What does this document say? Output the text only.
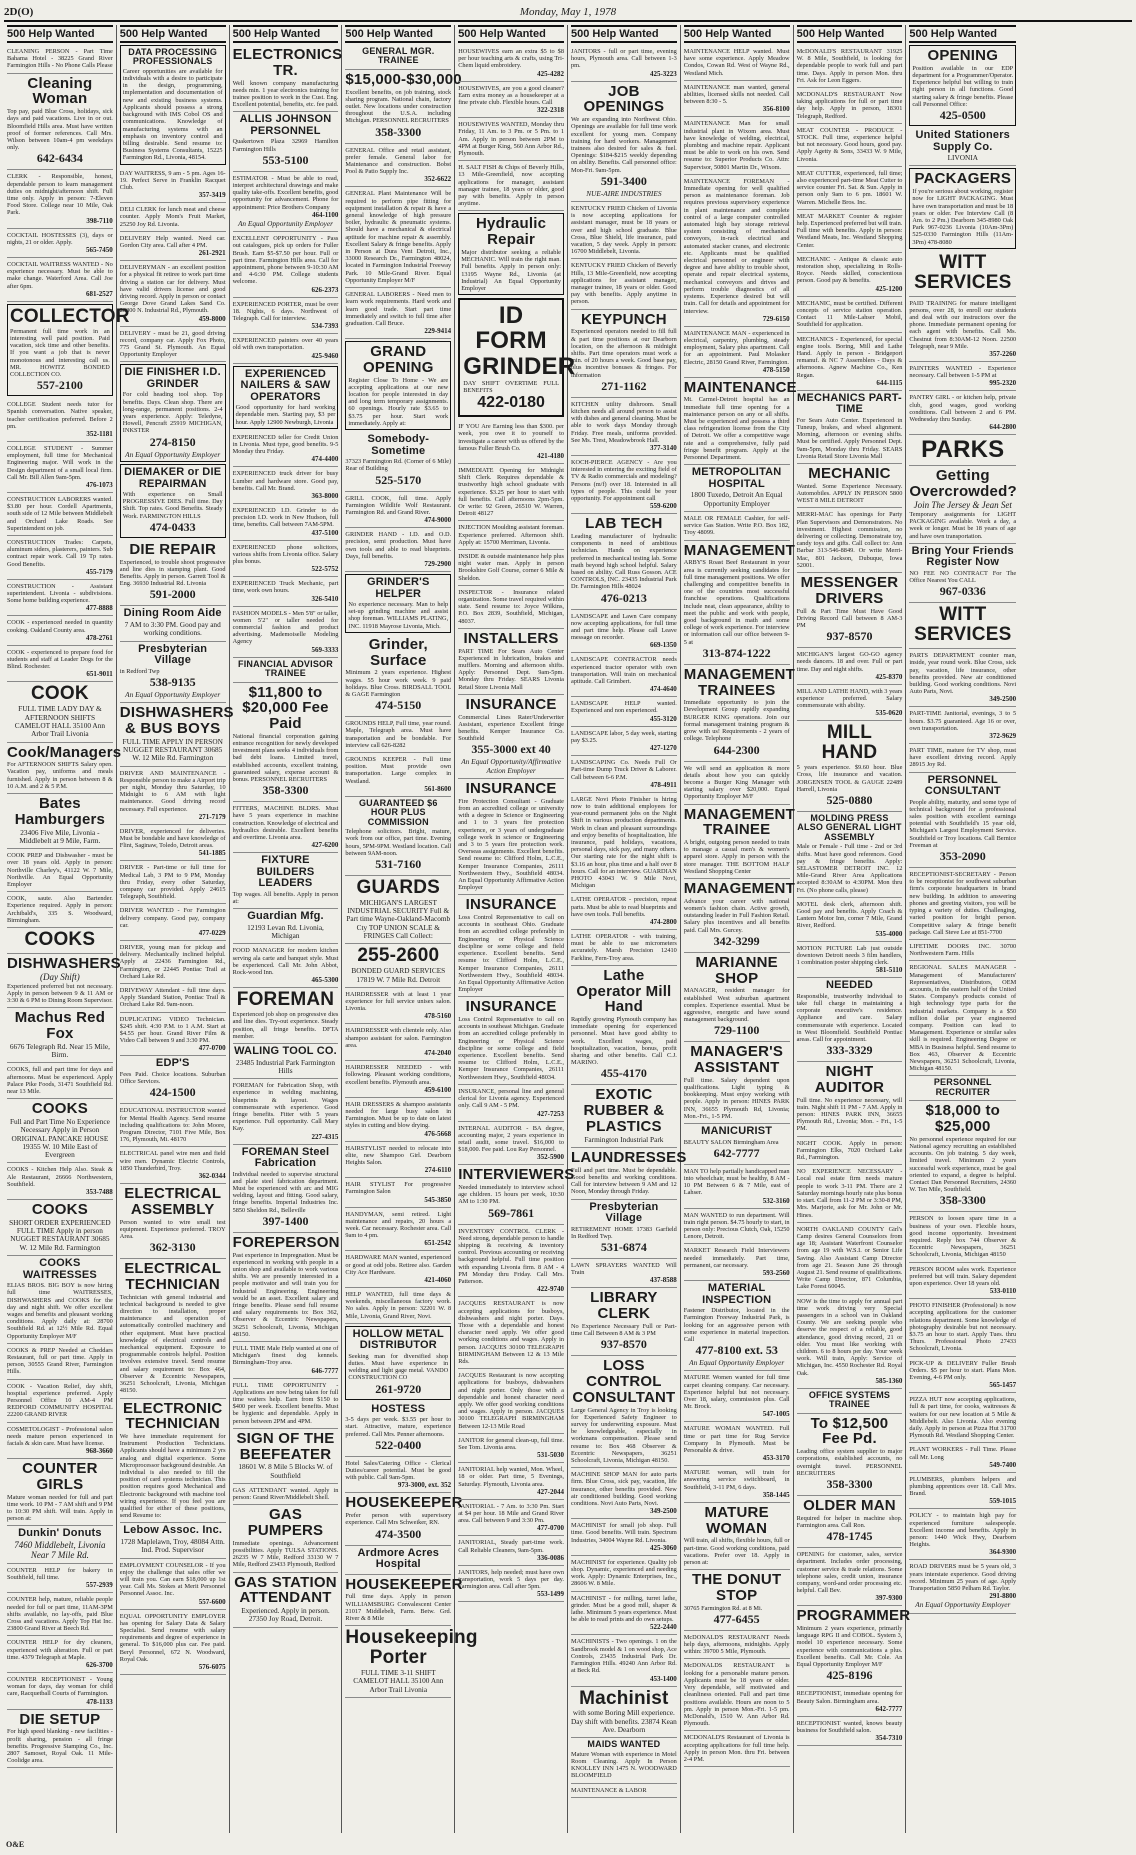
2D(O)	Monday, May 1, 1978
500 Help Wanted
CLEANING PERSON - Part Time Bahama Hotel - 38225 Grand River Farmington Hills - No Phone Calls Please
Cleaning Woman
Top pay, paid Blue Cross, holidays, sick days and paid vacations. Live in or out. Bloomfield Hills area. Must have written proof of former references. Call Mrs. Wilson between 10am-4 pm weekdays only.
642-6434
CLERK - Responsible, honest, dependable person to learn management duties on midnight/afternoon shift. Full time only. Apply in person: 7-Eleven Food Store. College near 10 Mile, Oak Park.
398-7110
COCKTAIL HOSTESSES (3), days or nights, 21 or older. Apply.
565-7450
COCKTAIL WAITRESS WANTED - No experience necessary. Must be able to make change. Waterford Area. Call Joe after 6pm.
681-2527
COLLECTOR
Permanent full time work in an interesting well paid position. Paid vacation, sick time and other benefits. If you want a job that is never monotonous and interesting call us. MR. HOWITZ BONDED COLLECTION CO.
557-2100
COLLEGE Student needs tutor for Spanish conversation. Native speaker, teacher certification preferred. Before 2 pm.
352-1181
COLLEGE STUDENT - Summer employment, full time for Mechanical Engineering major. Will work in the Design department of a small local firm. Call Mr. Bill Allen 9am-5pm.
476-1073
CONSTRUCTION LABORERS wanted. $3.80 per hour. Cordell Apartments, south side of 12 Mile between Middlebelt and Orchard Lake Roads. See Superintendent on job.
CONSTRUCTION Trades: Carpets, aluminum siders, plasterers, painters. Sub contract repair work. Call 19 Tp rates. Good Benefits.
455-7179
CONSTRUCTION - Assistant superintendent. Livonia - subdivisions. Some home building experience.
477-8888
COOK - experienced needed in quantity cooking. Oakland County area.
478-2761
COOK - experienced to prepare food for students and staff at Leader Dogs for the Blind. Rochester.
651-9011
COOK
FULL TIME LADY DAY & AFTERNOON SHIFTS CAMELOT HALL 35100 Ann Arbor Trail Livonia
Cook/Managers
For AFTERNOON SHIFTS Salary open. Vacation pay, uniforms and meals furnished. Apply in person between 8 & 10 A.M. and 2 & 5 P.M.
Bates Hamburgers
23406 Five Mile, Livonia - Middlebelt at 9 Mile, Farm.
COOK PREP and Dishwasher - must be over 18 years old. Apply in person: Northville Charley's, 41122 W. 7 Mile, Northville. An Equal Opportunity Employer
COOK, saute. Also Bartender. Experience required. Apply in person: Archibald's, 335 S. Woodward, Birmingham.
COOKS
DISHWASHERS
(Day Shift)
Experienced preferred but not necessary. Apply in person between 9 & 11 AM or 3:30 & 6 PM to Dining Room Supervisor.
Machus Red Fox
6676 Telegraph Rd. Near 15 Mile, Birm.
COOKS, full and part time for days and afternoons. Must be experienced. Apply Palace Pike Foods, 31471 Southfield Rd. near 13 Mile.
COOKS
Full and Part Time No Experience Necessary Apply in Person ORIGINAL PANCAKE HOUSE 19355 W. 10 Mile East of Evergreen
COOKS - Kitchen Help Also. Steak & Ale Restaurant, 26666 Northwestern, Southfield.
353-7488
COOKS
SHORT ORDER EXPERIENCED FULL TIME Apply in person NUGGET RESTAURANT 30685 W. 12 Mile Rd. Farmington
COOKS WAITRESSES
ELIAS BROS. BIG BOY is now hiring full time WAITRESSES, DISHWASHERS and COOKS for the day and night shift. We offer excellent wages and benefits and pleasant working conditions. Apply daily at: 28700 Southfield Rd. at 12½ Mile Rd. Equal Opportunity Employer M/F
COOKS & PREP Needed at Cheddars Restaurant, full or part time. Apply in person, 30555 Grand River, Farmington Hills.
COOK - Vacation Relief, day shift, hospital experience preferred. Apply Personnel Office 10 AM-4 PM REDFORD COMMUNITY HOSPITAL 22200 GRAND RIVER
COSMETOLOGIST - Professional salon needs mature person experienced in facials & skin care. Must have license.
968-3660
COUNTER GIRLS
Mature woman needed for full and part time work. 10 PM - 7 AM shift and 9 PM to 10:30 PM shift. Will train. Apply in person at:
Dunkin' Donuts
7460 Middlebelt, Livonia Near 7 Mile Rd.
COUNTER HELP for bakery in Southfield, full time.
557-2939
COUNTER help, mature, reliable people needed for full or part time, 11AM-3PM shifts available, no lay-offs, paid Blue Cross and vacations. Apply Top Hat Inc. 23800 Grand River at Beech Rd.
COUNTER HELP for dry cleaners, experienced with alteration. Full or part time. 4379 Telegraph at Maple.
626-3700
COUNTER RECEPTIONIST - Young woman for days, day woman for child care, Racquetball Courts of Farmington.
478-1133
DIE SETUP
For high speed blanking - new facilities - profit sharing, pension - all fringe benefits. Progressive Stamping Co., Inc. 2807 Samoset, Royal Oak. 11 Mile-Coolidge area.
500 Help Wanted
DATA PROCESSING PROFESSIONALS
Career opportunities are available for individuals with a desire to participate in the design, programming, implementation and documentation of new and existing business systems. Applicants should possess a strong background with IMS Cobol OS and communications. Knowledge of manufacturing systems with an emphasis on inventory control and billing desirable. Send resume to: Business Systems Consultants, 15225 Farmington Rd., Livonia, 48154.
DAY WAITRESS, 9 am - 5 pm. Ages 16-19. Perfect Serve in Franklin Racquet Club.
357-3419
DELI CLERK for lunch meat and cheese counter. Apply Mom's Fruit Market, 25250 Joy Rd. Livonia.
DELIVERY Help wanted. Need car. Gordon City area. Call after 4 PM.
261-2921
DELIVERYMAN - an excellent position for a physical fit retiree to work part time driving a station car for delivery. Must have valid drivers license and good driving record. Apply in person or contact George Dove Grand Lakes Sand Co. 28800 N. Industrial Rd., Plymouth.
459-8000
DELIVERY - must be 21, good driving record, company car. Apply Fox Photo, 775 Grand St. Plymouth. An Equal Opportunity Employer
DIE FINISHER I.D. GRINDER
For cold heading tool shop. Top benefits. Days. Clean shop. There are long-range, permanent positions. 2-4 years experience. Apply: Teledyne, Howell, Pencraft 25919 MICHIGAN, INKSTER
274-8150
An Equal Opportunity Employer
DIEMAKER or DIE REPAIRMAN
With experience on Small PROGRESSIVE DIES. Full time. Day Shift. Top rates. Good Benefits. Steady Work. FARMINGTON HILLS
474-0433
DIE REPAIR
Experienced, to trouble shoot progressive and line dies in stamping plant. Good Benefits. Apply in person. Garrett Tool & Eng. 36930 Industrial Rd. Livonia
591-2000
Dining Room Aide
7 AM to 3:30 PM. Good pay and working conditions.
Presbyterian Village
in Redford Twp
538-9135
An Equal Opportunity Employer
DISHWASHERS & BUS BOYS
FULL TIME APPLY IN PERSON NUGGET RESTAURANT 30685 W. 12 Mile Rd. Farmington
DRIVER AND MAINTENANCE - Responsible person to make a Airport trip per night, Monday thru Saturday, 10 Midnight to 6 AM with light maintenance. Good driving record necessary. Full experience.
271-7179
DRIVER, experienced for deliveries. Must be bondable and have knowledge of Flint, Saginaw, Toledo, Detroit areas.
541-1885
DRIVER - Part-time or full time for Medical Lab, 3 PM to 9 PM, Monday thru Friday, every other Saturday, company car provided. Apply 24615 Telegraph, Southfield.
DRIVER WANTED - For Farmington delivery company. Good pay, company car.
477-0229
DRIVER, young man for pickup and delivery. Mechanically inclined helpful. Apply at 22436 Farmington Rd., Farmington, or 22445 Pontiac Trail at Orchard Lake Rd.
DRIVEWAY Attendant - full time days. Apply Standard Station, Pontiac Trail & Orchard Lake Rd. 9am-noon.
DUPLICATING VIDEO Technician. $245 shift. 4:30 P.M. to 1 A.M. Start at $4.55 per hour. Grand River Film & Video Call between 9 and 3:30 PM.
477-0700
EDP'S
Fees Paid. Choice locations. Suburban Office Services.
424-1500
EDUCATIONAL INSTRUCTOR wanted for Mental Health Agency. Send resume including qualifications to: John Moore, Program Director, 7101 Five Mile, Box 176, Plymouth, Mi. 48170
ELECTRICAL panel wire men and field wire men. Dynamic Electric Controls, 1850 Thunderbird, Troy.
362-0344
ELECTRICAL ASSEMBLY
Person wanted to wire small test equipment. Experience preferred. TROY Area.
362-3130
ELECTRICAL TECHNICIAN
Technician with general industrial and technical background is needed to give direction to installation, proper maintenance and operation of automatically controlled machinery and other equipment. Must have practical knowledge of electrical controls and mechanical equipment. Exposure to programmable controls helpful. Position involves extensive travel. Send resume and salary requirement to: Box 464, Observer & Eccentric Newspapers, 36251 Schoolcraft, Livonia, Michigan 48150.
ELECTRONIC TECHNICIAN
We have immediate requirement for Instrument Production Technicians. Applicants should have a minimum 2 yrs analog and digital experience. Some Microprocessor background desirable. An individual is also needed to fill the position of card systems technician. This position requires good Mechanical and Electronic background with machine tool wiring experience. If you feel you are qualified for either of these positions, send Resume to:
Lebow Assoc. Inc.
1728 Maplelawn, Troy, 48084 Attn. Ind. Prod. Supervisor
EMPLOYMENT COUNSELOR - If you enjoy the challenge that sales offer we will train you. Can earn $18,000 up 1st year. Call Ms. Stokes at Merit Personnel Personnel Assoc. Inc.
557-6600
EQUAL OPPORTUNITY EMPLOYER has opening for Salary Data & Salary Specialist. Send resume with salary requirements and degree of experience in general. To $16,000 plus car. Fee paid. Beryl Personnel, 672 N. Woodward, Royal Oak.
576-6075
500 Help Wanted
ELECTRONICS TR.
Well known company manufacturing needs min. 1 year electronics training for trainee position to work in the Cust. Eng. Excellent potential, benefits, etc. fee paid.
ALLIS JOHNSON PERSONNEL
Quakertown Plaza 32969 Hamilton Farmington Hills
553-5100
ESTIMATOR - Must be able to read, interpret architectural drawings and make quality take-offs. Excellent benefits, good opportunity for advancement. Phone for appointment: Price Brothers Company
464-1100
An Equal Opportunity Employer
EXCELLENT OPPORTUNITY - Pass out catalogues, pick up orders for Fuller Brush. Earn $5-$7.50 per hour. Full or part time. Farmington Hills area. Call for appointment, phone between 9-10:30 AM and 4-6:30 PM. College students welcome.
626-2373
EXPERIENCED PORTER, must be over 18. Nights, 6 days. Northwest of Telegraph. Call for interview.
534-7393
EXPERIENCED painters over 40 years old with own transportation.
425-9460
EXPERIENCED NAILERS & SAW OPERATORS
Good opportunity for hard working dependable men. Starting pay, $3 per hour. Apply 12900 Newburgh, Livonia
EXPERIENCED teller for Credit Union in Livonia. Must type, good benefits. 9-5 Monday thru Friday.
474-4400
EXPERIENCED truck driver for busy Lumber and hardware store. Good pay, benefits. Call Mr. Brand.
363-8000
EXPERIENCED I.D. Grinder to do precision I.D. work in New Hudson, full time, benefits. Call between 7AM-5PM.
437-5100
EXPERIENCED phone solicitors, various shifts from Livonia office. Salary plus bonus.
522-5752
EXPERIENCED Truck Mechanic, part time, work own hours.
326-5410
FASHION MODELS - Men 5'8" or taller, women 5'2" or taller needed for commercial fashion and product advertising. Mademoiselle Modeling Agency
569-3333
FINANCIAL ADVISOR TRAINEE
$11,800 to $20,000 Fee Paid
National financial corporation gaining entrance recognition for newly developed investment plans seeks 4 individuals from bad debt loans. Limited travel, established accounts, excellent training, guaranteed salary, expense account & bonus. PERSONNEL RECRUITERS
358-3300
FITTERS, MACHINE BLDRS. Must have 5 years experience in machine construction. Knowledge of electrical and hydraulics desirable. Excellent benefits and overtime. Livonia area.
427-6200
FIXTURE BUILDERS LEADERS
Top wages. All benefits. Apply in person at:
Guardian Mfg.
12193 Levan Rd. Livonia, Michigan
FOOD MANAGER for modern kitchen serving ala carte and banquet style. Must be experienced. Call Mr. John Abbot, Rock-wood Inn.
465-5300
FOREMAN
Experienced job shop on progressive dies and line dies. Try-out experience. Steady position, all fringe benefits. DFTA member.
WALING TOOL CO.
23485 Industrial Park Farmington Hills
FOREMAN for Fabrication Shop, with experience in welding machining, blueprints & layout. Wages commensurate with experience. Good fringe benefits. Fitter with 5 years experience. Full opportunity. Call Mary Kay.
227-4315
FOREMAN Steel Fabrication
Individual needed to supervise structural and plate steel fabrication department. Must be experienced with arc and MIG welding, layout and fitting. Good salary, fringe benefits. Imperial Industries Inc. 5850 Sheldon Rd., Belleville
397-1400
FOREPERSON
Past experience in Impregnation. Must be experienced in working with people in a union shop and available to work various shifts. We are presently interested in a people motivator and will train you for Industrial Engineering. Engineering would be an asset. Excellent salary and fringe benefits. Please send full resume and salary requirements to: Box 362, Observer & Eccentric Newspapers, 36251 Schoolcraft, Livonia, Michigan 48150.
FULL TIME Male Help wanted at one of Michigan's finest dog kennels. Birmingham-Troy area.
646-7777
FULL TIME OPPORTUNITY - Applications are now being taken for full time waiters help. Earn from $150 to $400 per week. Excellent benefits. Must be hygienic and dependable. Apply in person between 2PM and 4PM.
SIGN OF THE BEEFEATER
18601 W. 8 Mile 5 Blocks W. of Southfield
GAS ATTENDANT wanted. Apply in person: Grand River/Middlebelt Shell.
GAS PUMPERS
Immediate openings. Advancement possibilities. Apply TULSA STATIONS. 26235 W 7 Mile, Redford 33130 W 7 Mile, Redford 23433 Plymouth, Redford
GAS STATION ATTENDANT
Experienced. Apply in person. 27350 Joy Road, Detroit.
500 Help Wanted
GENERAL MGR. TRAINEE
$15,000-$30,000
Excellent benefits, on job training, stock sharing program. National chain, factory outlet. New locations under construction throughout the U.S.A. including Michigan. PERSONNEL RECRUITERS
358-3300
GENERAL Office and retail assistant, prefer female. General labor for Maintenance and construction. Bobst Pool & Patio Supply Inc.
352-6622
GENERAL Plant Maintenance Will be required to perform pipe fitting for equipment installation & repair & have a general knowledge of high pressure boiler, hydraulic & pneumatic systems. Should have a mechanical & electrical aptitude for machine repair & assembly. Excellent Salary & fringe benefits. Apply in Person at Dura Vent Detroit, Inc., 33000 Research Dr., Farmington 48024, located in Farmington Industrial Freeway Park. 10 Mile-Grand River. Equal Opportunity Employer M/F
GENERAL LABORERS - Need men to learn work requirements. Hard work and learn good trade. Start part time immediately and switch to full time after graduation. Call Bruce.
229-9414
GRAND OPENING
Register Close To Home - We are accepting applications at our new location for people interested in day and long term temporary assignments. 60 openings. Hourly rate $3.65 to $3.75 per hour. Start work immediately. Apply at:
Somebody-Sometime
37323 Farmington Rd. (Corner of 6 Mile) Rear of Building
525-5170
GRILL COOK, full time. Apply Farmington Wildlife Wolf Restaurant. Farmington Rd. and Grand River.
474-9000
GRINDER HAND - I.D. and O.D. precision, semi production. Must have own tools and able to read blueprints. Days, full benefits.
729-2900
GRINDER'S HELPER
No experience necessary. Man to help set-up grinding machine and assist shop foreman. WILLIAMS PLATING, INC. 11918 Mayrose Livonia, Mich.
Grinder, Surface
Minimum 2 years experience. Highest wages. 55 hour work week. 9 paid holidays. Blue Cross. BIRDSALL TOOL & GAGE Farmington
474-5150
GROUNDS HELP, Full time, year round. Maple, Telegraph area. Must have transportation and be bondable. For interview call 626-8282
GROUNDS KEEPER - Full time position. Must provide own transportation. Large complex in Westland.
561-8600
GUARANTEED $6 HOUR PLUS COMMISSION
Telephone solicitors. Bright, mature, work from our office, part time. Evening hours, 5PM-9PM. Westland location. Call between 9AM-noon.
531-7160
GUARDS
MICHIGAN'S LARGEST INDUSTRIAL SECURITY Full & Part time Wayne-Oakland-Macomb Cty TOP UNION SCALE & FRINGES Call Collect:
255-2600
BONDED GUARD SERVICES 17819 W. 7 Mile Rd. Detroit
HAIRDRESSER with at least 1 year experience for full service unisex salon. Livonia.
478-5160
HAIRDRESSER with clientele only. Also shampoo assistant for salon. Farmington area.
474-2040
HAIRDRESSER NEEDED - with following. Pleasant working conditions, excellent benefits. Plymouth area.
459-6100
HAIR DRESSERS & shampoo assistants needed for large busy salon in Farmington. Must be up to date on latest styles in cutting and blow drying.
476-5668
HAIRSTYLIST needed to relocate into elite, new Shampoo Girl. Dearborn Heights Salon.
274-6110
HAIR STYLIST For progressive Farmington Salon
545-3850
HANDYMAN, semi retired. Light maintenance and repairs, 20 hours a week. Car necessary. Rochester area. Call 9am to 4 pm.
651-2542
HARDWARE MAN wanted, experienced or good at odd jobs. Retiree also. Garden City Ace Hardware.
421-4060
HELP WANTED, full time days & weekends, miscellaneous factory work. No sales. Apply in person: 32201 W. 8 Mile, Livonia, Grand River, Novi.
HOLLOW METAL DISTRIBUTOR
Seeking man for diversified shop duties. Must have experience in welding and light gage metal. VANDO CONSTRUCTION CO
261-9720
HOSTESS
3-5 days per week. $3.55 per hour to start. Attractive, mature, experience preferred. Call Mrs. Penner afternoons.
522-0400
Hotel Sales/Catering Office - Clerical Duties/career potential. Must be good with public. Call 9am-5pm.
973-3000, ext. 352
HOUSEKEEPER
Prefer person with supervisory experience. Call Mrs Schweiker, RN.
474-3500
Ardmore Acres Hospital
HOUSEKEEPER
Full time days. Apply in person WILLIAMSBURG Convalescent Center 21017 Middlebelt, Farm. Betw. Grd. River & 8 Mile
Housekeeping Porter
FULL TIME 3-11 SHIFT CAMELOT HALL 35100 Ann Arbor Trail Livonia
500 Help Wanted
HOUSEWIVES earn an extra $5 to $8 per hour teaching arts & crafts, using Tri-Chem liquid embroidery.
425-4282
HOUSEWIVES, are you a good cleaner? Earn extra money as a housekeeper at a fine private club. Flexible hours. Call
322-2318
HOUSEWIVES WANTED, Monday thru Friday, 11 Am. to 3 Pm. or 5 Pm. to 1 Am. Apply in person between 2PM to 4PM at Burger King, 560 Ann Arbor Rd., Plymouth.
H. SALT FISH & Chips of Beverly Hills, 13 Mile-Greenfield, now accepting applications for manager, assistant manager trainee, 18 years or older, good pay with benefits. Apply in person anytime.
Hydraulic Repair
Major distributor seeking a reliable MECHANIC. Will train the right man. Full benefits. Apply in person only: 13195 Wayne Rd., Livonia (at Industrial) An Equal Opportunity Employer
ID FORM GRINDER
DAY SHIFT OVERTIME FULL BENEFITS
422-0180
IF YOU Are Earning less than $300. per week, you owe it to yourself to investigate a career with us offered by the famous Fuller Brush Co.
421-4180
IMMEDIATE Opening for Midnight Shift Clerk. Requires dependable & trustworthy high school graduate with experience. $3.25 per hour to start with full benefits. Call afternoons 2pm-5pm. Or write: 92 Green, 26510 W. Warren, Detroit 48127
INJECTION Moulding assistant foreman. Experience preferred. Afternoon shift. Apply at: 15700 Merriman, Livonia.
INSIDE & outside maintenance help plus night water man. Apply in person Brookshire Golf Course, corner 6 Mile & Sheldon.
INSPECTOR - Insurance related organization. Some travel required within state. Send resume to: Joyce Wilkins, P.O. Box 2839, Southfield, Michigan, 48037.
INSTALLERS
PART TIME For Sears Auto Center Experienced in lubrication, brakes and mufflers. Morning and afternoon shifts. Apply: Personnel Dept. 9am-5pm. Monday thru Friday. SEARS Livonia Retail Store Livonia Mall
INSURANCE
Commercial Lines Rater/Underwriter Assistant, experience Excellent fringe benefits. Kemper Insurance Co. Southfield
355-3000 ext 40
An Equal Opportunity/Affirmative Action Employer
INSURANCE
Fire Protection Consultant - Graduate from an accredited college or university with a degree in Science or Engineering and 1 to 3 years fire protection experience, or 3 years of undergraduate college work in science or Engineering and 3 to 5 years fire protection work. Overseas assignments. Excellent benefits. Send resume to: Clifford Holm, L.C.E., Kemper Insurance Companies, 26111 Northwestern Hwy., Southfield 48034. An Equal Opportunity Affirmative Action Employer
INSURANCE
Loss Control Representative to call on accounts in southeast Ohio. Graduate from an accredited college preferably in Engineering or Physical Science discipline or some college and field experience. Excellent benefits. Send resume to: Clifford Holm, L.C.E., Kemper Insurance Companies, 26111 Northwestern Hwy., Southfield 48034. An Equal Opportunity Affirmative Action Employer
INSURANCE
Loss Control Representative to call on accounts in southeast Michigan. Graduate from an accredited college preferably in Engineering or Physical Science discipline or some college and field experience. Excellent benefits. Send resume to: Clifford Holm, L.C.E., Kemper Insurance Companies, 26111 Northwestern Hwy., Southfield 48034.
INSURANCE, personal line and general clerical for Livonia agency. Experienced only. Call 9 AM - 5 PM.
427-7253
INTERNAL AUDITOR - BA degree, accounting major, 2 years experience in retail audit, some travel. $16,000 to $18,000. Fee paid. Lou Ray Personnel.
352-5900
INTERVIEWERS
Needed immediately to interview school age children. 15 hours per week, 10:30 AM to 1:30 PM.
569-7861
INVENTORY CONTROL CLERK - Need strong, dependable person to handle shipping & receiving & inventory control. Previous accounting or receiving background helpful. Full time position with expanding Livonia firm. 8 AM - 4 PM Monday thru Friday. Call Mrs. Patterson.
422-9740
JACQUES RESTAURANT is now accepting applications for busboys, dishwashers and night porter. Days. Those with a dependable and honest character need apply. We offer good working conditions and wages. Apply in person. JACQUES 30100 TELEGRAPH BIRMINGHAM Between 12 & 13 Mile Rds.
JACQUES Restaurant is now accepting applications for busboys, dishwashers and night porter. Only those with a dependable and honest character need apply. We offer good working conditions and wages. Apply in person. JACQUES 30100 TELEGRAPH BIRMINGHAM Between 12-13 Mile Road
JANITOR for general clean-up, full time. See Tom. Livonia area.
531-5030
JANITORIAL help wanted, Mon. Wheel, 18 or older. Part time, 5 Evenings, Saturday. Plymouth, Livonia area.
427-2044
JANITORIAL - 7 Am. to 3:30 Pm. Start at $4 per hour. 18 Mile and Grand River area. Call between 9 and 3:30 Pm.
477-0700
JANITORIAL, Steady part-time work. Call Reliable Cleaners, 9am-5pm.
336-0086
JANITORS, help needed; must have own transportation, work 5 days per day. Farmington area. Call after 5pm.
553-1499
500 Help Wanted
JANITORS - full or part time, evening hours, Plymouth area. Call between 1-3 pm.
425-3223
JOB OPENINGS
We are expanding into Northwest Ohio. Openings are available for full time work excellent for young men. Company training for hard workers. Management trainees also desired for sales & fuel. Openings: $184-$215 weekly depending on ability. Benefits. Call personnel office: Mon-Fri. 9am-5pm.
591-3400
NUE-AIRE INDUSTRIES
KENTUCKY FRIED Chicken of Livonia is now accepting applications for assistant manager, must be 18 years or over and high school graduate. Blue Cross, Blue Shield, life insurance, paid vacation, 5 day week. Apply in person: 16700 Middlebelt, Livonia.
KENTUCKY FRIED Chicken of Beverly Hills, 13 Mile-Greenfield, now accepting applications for assistant manager, manager trainee, 18 years or older. Good pay with benefits. Apply anytime in person.
KEYPUNCH
Experienced operators needed to fill full & part time positions at our Dearborn location, on the afternoon & midnight shifts. Part time operators must work a min. of 20 hours a week. Good base pay, plus incentive bonuses & fringes. For information
271-1162
KITCHEN utility dishroom. Small kitchen needs all around person to assist with dishes and general cleaning. Must be able to work days Monday through Friday. Free meals, uniforms provided. See Ms. Trest, Meadowbrook Hall.
377-3140
KOCH-PIERCE AGENCY - Are you interested in entering the exciting field of TV & Radio commercials and modeling? Persons (m/f) over 18. Interested in all types of people. This could be your opportunity. For appointment call
559-6200
LAB TECH
Leading manufacturer of hydraulic components in need of ambitious technician. Hands on experience preferred in mechanical testing lab. Some math beyond high school helpful. Salary based on ability. Call Russ Gosson. ACE CONTROLS, INC. 23435 Industrial Park Dr. Farmington Hills 48024
476-0213
LANDSCAPE and Lawn Care company now accepting applications, for full time and part time help. Please call Leave message on recorder.
669-1350
LANDSCAPE CONTRACTOR needs experienced tractor operator with own transportation. Will train on mechanical aptitude. Call Grimbert.
474-4640
LANDSCAPE HELP wanted. Experienced and non experienced.
455-3120
LANDSCAPE labor, 5 day week, starting pay $3.25.
427-1270
LANDSCAPING Co. Needs Full Or Part-time Dump Truck Driver & Laborer. Call between 6-6 P.M.
478-4911
LARGE Novi Photo Finisher is hiring now to train additional employees for year-round permanent jobs on the Night Shift in various production departments. Work in clean and pleasant surroundings and enjoy benefits of hospitalization, life insurance, paid holidays, vacations, personal days, sick pay, and many others. Our starting rate for the night shift is $3.16 an hour, plus time and a half over 8 hours. Call for an interview. GUARDIAN PHOTO 43043 W. 9 Mile Novi, Michigan
LATHE OPERATOR - precision, repeat parts. Must be able to read blueprints and have own tools. Full benefits.
474-2800
LATHE OPERATOR - with training, must be able to use micrometers accurately. Marsh Precision 12410 Farkline, Fern-Troy area.
Lathe Operator Mill Hand
Rapidly growing Plymouth company has immediate opening for experienced personnel. Must have good ability to work. Excellent wages, paid hospitalization, vacation, bonus, profit sharing and other benefits. Call C.J. MARINO.
455-4170
EXOTIC RUBBER & PLASTICS
Farmington Industrial Park
LAUNDRESSES
Full and part time. Must be dependable. Good benefits and working conditions. Call for interview between 9 AM and 12 Noon, Monday through Friday.
Presbyterian Village
RETIREMENT HOME 17383 Garfield In Redford Twp.
531-6874
LAWN SPRAYERS WANTED Will Train
437-8588
LIBRARY CLERK
No Experience Necessary Full or Part-time Call Between 8 AM & 3 PM
937-8570
LOSS CONTROL CONSULTANT
Large General Agency in Troy is looking for Experienced Safety Engineer to survey for underwriting exposure. Must be knowledgeable, especially in workmans compensation. Please send resume to: Box 468 Observer & Eccentric Newspapers, 36251 Schoolcraft, Livonia, Michigan 48150.
MACHINE SHOP MAN for auto parts firm. Blue Cross, sick pay, vacation, life insurance, other benefits provided. New air conditioned building. Good working conditions. Novi Auto Parts, Novi.
349-2500
MACHINIST for small job shop. Full time. Good benefits. Will train. Spectrum Industries, 34004 Wayne Rd. Livonia.
425-3060
MACHINIST for experience. Quality job shop. Dynamic, experienced and needing work. Apply: Dynamic Enterprises, Inc., 28606 W. 8 Mile.
MACHINIST - for milling, turret lathe, grinder. Must be a good mill, shaper & lathe. Minimum 5 years experience. Must be able to read prints and do own setups.
522-2440
MACHINISTS - Two openings. 1 on the Sandbrook model & 1 on wood shop, Ace Controls, 23435 Industrial Park Dr. Farmington Hills. 49240 Ann Arbor Rd. at Beck Rd.
453-1400
Machinist
with some Boring Mill experience. Day shift with benefits. 23874 Kean Ave. Dearborn
MAIDS WANTED
Mature Woman with experience in Motel Room Cleaning. Apply In Person KNOLLEY INN 1475 N. WOODWARD BLOOMFIELD
MAINTENANCE & LABOR
500 Help Wanted
MAINTENANCE HELP wanted. Must have some experience. Apply Meadow Condos, Cowan Rd. West of Wayne Rd., Westland Mich.
MAINTENANCE man wanted, general abilities, licensed skills not needed. Call between 8:30 - 5.
356-8100
MAINTENANCE Man for small industrial plant in Wixom area. Must have knowledge of welding, electrical, plumbing and machine repair. Applicant must be able to work on his own. Send resume to: Superior Products Co. Attn: Supervisor, 50801 Martin Dr., Wixom.
MAINTENANCE FOREMAN - Immediate opening for well qualified person as maintenance foreman. Job requires previous supervisory experience in plant maintenance and complete control of a large computer controlled automated high bay storage retrieval system consisting of mechanical conveyors, in-rack electrical and automated stacker cranes, and electronic etc. Applicants must be qualified electrical personnel or engineer with degree and have ability to trouble shoot, operate and repair electrical systems, mechanical conveyors and drives and perform trouble diagnostics of all systems. Experience desired but will train. Call for details and appointment for interview.
729-6150
MAINTENANCE MAN - experienced in electrical, carpentry, plumbing, steady employment, Salary plus apartment. Call for an appointment. Paul Molasker Electric, 28150 Grand River, Farmington.
478-5150
MAINTENANCE
Mt. Carmel-Detroit hospital has an immediate full time opening for a maintenance person on any or all shifts. Must be experienced and possess a third class refrigeration license from the City of Detroit. We offer a competitive wage rate and a comprehensive, fully paid fringe benefit program. Apply at the Personnel Department.
METROPOLITAN HOSPITAL
1800 Tuxedo, Detroit An Equal Opportunity Employer
MALE OR FEMALE Cashier, for self-service Gas Station. Write P.O. Box 182, Troy 48099.
MANAGEMENT
ARBY'S Roast Beef Restaurant in your area is currently seeking candidates for full time management positions. We offer challenging and competitive benefits in one of the countries most successful franchise operations. Qualifications include neat, clean appearance, ability to meet the public and work with people, good background in math and some college of work experience. For interview or information call our office between 9-5 at
313-874-1222
MANAGEMENT TRAINEES
Immediate opportunity to join the Development Group rapidly expanding BURGER KING operations. Join our formal management training program & grow with us! Requirements - 2 years of college. Telephone
644-2300
We will send an application & more details about how you can quickly become a Burger King Manager with starting salary over $20,000. Equal Opportunity Employer M/F
MANAGEMENT TRAINEE
A bright, outgoing person needed to train to manage a casual men's & women's apparel store. Apply in person with the store manager. THE BOTTOM HALF Westland Shopping Center
MANAGEMENT
Advance your career with national women's fashion chain. Active growth, outstanding leader in Full Fashion Retail. Salary plus incentives and all benefits paid. Call Mrs. Gurcey.
342-3299
MARIANNE SHOP
MANAGER, resident manager for established West suburban apartment complex. Experience essential. Must be aggressive, energetic and have sound management background.
729-1100
MANAGER'S ASSISTANT
Full time. Salary dependent upon qualifications. Light typing & bookkeeping. Must enjoy working with people. Apply in person: HINES PARK INN, 36655 Plymouth Rd, Livonia; Mon.-Fri., 1-5 PM.
MANICURIST
BEAUTY SALON Birmingham Area
642-7777
MAN TO help partially handicapped man into wheelchair, must be healthy, 8 AM - 10 PM Between 6 & 7 Mile, east of Lahser.
532-3160
MAN WANTED to run department. Will train right person. $4.75 hourly to start, in person only: Precious Clutch, Oak, 15250 Lenore, Detroit.
MARKET Research Field Interviewers needed immediately. Part time, permanent, car necessary.
593-2560
MATERIAL INSPECTION
Fastener Distributor, located in the Farmington Freeway Industrial Park, is looking for an aggressive person with some experience in material inspection. Call
477-8100 ext. 53
An Equal Opportunity Employer
MATURE Women wanted for full time carpet cleaning company. Car necessary. Experience helpful but not necessary. Over 18, salary, commission plus. Call Mr. Brock.
547-1005
MATURE WOMAN WANTED. Full time or part time for Rug Service Company In Plymouth. Must be Personable & drive.
453-3170
MATURE woman, will train for answering service switchboard, in Southfield, 3-11 PM, 6 days.
358-1445
MATURE WOMAN
Will train, all shifts, flexible hours, full or part-time. Good working conditions, paid vacations. Prefer over 18. Apply in person at:
THE DONUT STOP
30765 Farmington Rd. at 8 Mi.
477-6455
McDONALD'S RESTAURANT Needs help days, afternoons, midnights. Apply within: 39700 5 Mile, Plymouth.
McDONALDS RESTAURANT is looking for a personable mature person. Applicants must be 18 years or older. Very dependable, self motivated and cleanliness oriented. Full and part time positions available. Hours are noon to 5 pm. Apply in person Mon.-Fri. 1-5 pm. McDonald's, 1510 W. Ann Arbor Rd. Plymouth.
MCDONALD'S Restaurant of Livonia is accepting applications for full time help. Apply in person Mon. thru Fri. between 2-4 PM.
500 Help Wanted
McDONALD'S RESTAURANT 31925 W. 8 Mile, Southfield, is looking for dependable people to work full and part time. Days. Apply in person Mon. thru Fri. Ask for Leon Eggers.
MCDONALD'S RESTAURANT Now taking applications for full or part time day help. Apply in person, 18301 Telegraph, Redford.
MEAT COUNTER - PRODUCE - STOCK. Full time, experience helpful but not necessary. Good hours, good pay. Apply Agetty & Sons, 33433 W. 9 Mile, Livonia.
MEAT CUTTER, experienced, full time; also experienced part-time Meat Cutter to service counter Fri. Sat. & Sun. Apply in person only 9am to 6 pm. 18601 W. Warren. Michelle Bros. Inc.
MEAT MARKET Counter & register help. Experienced preferred but will train. Full time with benefits. Apply in person: Westland Meats, Inc. Westland Shopping Center.
MECHANIC - Antique & classic auto restoration shop, specializing in Rolls-Royce. Needs skilled, conscientious person. Good pay & benefits.
425-1200
MECHANIC, must be certified. Different concepts of service station operation. Contact 11 Mile-Lahser Mobil, Southfield for application.
MECHANICS - Experienced, for special engine tools. Boring, Mill and Lathe Hand. Apply in person - Bridgeport remanuf. & NC 7 Assemblers - Days & afternoons. Agnew Machine Co., Ken Regan.
644-1115
MECHANICS PART-TIME
For Sears Auto Center. Experienced in Tuneup, brakes, and wheel alignment. Morning, afternoon or evening shifts. Must be certified. Apply Personnel Dept. 9am-5pm, Monday thru Friday. SEARS Livonia Retail Store Livonia Mall
MECHANIC
Wanted. Some Experience Necessary. Automobiles. APPLY IN PERSON 5800 WEST 8 MILE DETROIT
MERRI-MAC has openings for Party Plan Supervisors and Demonstrators. No investment. Highest commission, no delivering or collecting. Demonstrate toy, candy toys and gifts. Call collect to: Ann Barbar 313-546-8849. Or write Merri-Mac, 801 Jackson, Dubuque, Iowa 52001.
MESSENGER DRIVERS
Full & Part Time Must Have Good Driving Record Call between 8 AM-3 PM
937-8570
MICHIGAN'S largest GO-GO agency needs dancers. 18 and over. Full or part time. Day and night shifts.
425-8370
MILL AND LATHE HAND, with 3 years experience preferred. Salary commensurate with ability.
535-0620
MILL HAND
5 years experience. $9.60 hour. Blue Cross, life insurance and vacation. JORGENSEN TOOL & GAUGE 22489 Harrell, Livonia
525-0880
MOLDING PRESS ALSO GENERAL LIGHT ASSEMBLY
Male or Female - Full time - 2nd or 3rd shifts. Must have good references. Good pay & fringe benefits. Apply: SELASTOMER DETROIT INC. 12 Mile-Grand River Area Applications accepted 8:30AM to 4:30PM. Mon thru Fri. (No phone calls, please)
MOTEL desk clerk, afternoon shift. Good pay and benefits. Apply Coach & Lantern Motor Inn, corner 7 Mile, Grand River, Redford.
535-4000
MOTION PICTURE Lab just outside downtown Detroit needs 3 film handlers, 1 combination poster shipping clerk.
581-5110
NEEDED
Responsible, trustworthy individual to take full charge in maintaining a corporate executive's residence. Appliance and care. Salary commensurate with experience. Located in West Bloomfield. Southfield Pontiac areas. Call for appointment.
333-3329
NIGHT AUDITOR
Full time. No experience necessary, will train. Night shift 11 PM - 7 AM. Apply in person: HINES PARK INN, 36655 Plymouth Rd., Livonia; Mon. - Fri., 1-5 PM.
NIGHT COOK. Apply in person: Farmington Elks, 7020 Orchard Lake Rd., Farmington.
NO EXPERIENCE NECESSARY - Local real estate firm needs mature people to work 3-11 PM. There are 2 Saturday mornings hourly rate plus bonus to start. Call from 11-2 PM or 3:30-8 PM, Mrs. Marjorie, ask for Mr. John or Mr. Hines.
NORTH OAKLAND COUNTY Girl's Camp desires General Counselors from age 18; Assistant Waterfront Counselor from age 19 with W.S.I. or Senior Life Saving. Also Assistant Camp Director from age 21. Season June 26 through August 21. Send resume of qualifications. Write Camp Director, 871 Columbia, Lake Forest 60045.
NOW is the time to apply for annual part time work driving very Special passengers in a school van in Oakland County. We are seeking people who deserve the respect of a reliable, good attendance, good driving record, 21 or older. You must like working with children. 6 to 8 hours per day. Your week work. Will train, Apply: Service of Michigan, Inc. 4550 Rochester Rd. Royal Oak.
585-1360
OFFICE SYSTEMS TRAINEE
To $12,500 Fee Pd.
Leading office system supplier to major corporations, established accounts, no overnight travel. PERSONNEL RECRUITERS
358-3300
OLDER MAN
Required for helper in machine shop. Farmington area. Call Ron.
478-1745
OPENING for customer, sales, service department. Includes order processing, customer service & trade relations. Some telephone sales, credit union, insurance company, word-and order processing etc. helpful. Call Bev.
397-9300
PROGRAMMER
Minimum 2 years experience, primarily language RPG II and COBOL. System 3, model 10 experience necessary. Some experience with communications a plus. Excellent benefits. Call Mr. Cole. An Equal Opportunity Employer M/F
425-8196
RECEPTIONIST, immediate opening for Beauty Salon. Birmingham area.
642-7777
RECEPTIONIST wanted, knows beauty business for Southfield salon.
354-7310
500 Help Wanted
OPENING
Position available in our EDP department for a Programmer/Operator. Experience helpful but willing to train right person in all functions. Good starting salary & fringe benefits. Please call Personnel Office:
425-0500
United Stationers Supply Co.
LIVONIA
PACKAGERS
If you're serious about working, register now for LIGHT PACKAGING. Must have own transportation and must be 18 years or older. Fee Interview Call (8 Am. to 2 Pm.) Dearborn 345-8980 Oak Park 967-0236 Livonia (10Am-3Pm) 525-0330 Farmington Hills (11Am-3Pm) 478-8080
WITT SERVICES
PAID TRAINING for mature intelligent persons, over 28, to enroll our students and deal with our instructors over the phone. Immediate permanent opening for each agent with benefits. Call Ms. Chestnut from 8:30AM-12 Noon. 22500 Telegraph, near 9 Mile.
357-2260
PAINTERS WANTED - Experience necessary. Call between 1-5 PM at
995-2320
PANTRY GIRL - or kitchen help, private club, good wages, good working conditions. Call between 2 and 6 PM. Wednesday thru Sunday.
644-2800
PARKS
Getting Overcrowded?
Join The Jersey & Jean Set
Temporary assignments for LIGHT PACKAGING available. Work a day, a week or longer. Must be 18 years of age and have own transportation.
Bring Your Friends Register Now
NO FEE NO CONTRACT For The Office Nearest You CALL
967-0336
WITT SERVICES
PARTS DEPARTMENT counter man, inside, year round work. Blue Cross, sick pay, vacation, life insurance, other benefits provided. New air conditioned building. Good working conditions. Novi Auto Parts, Novi.
349-2500
PART-TIME Janitorial, evenings, 3 to 5 hours. $3.75 guaranteed. Age 16 or over, own transportation.
372-9629
PART TIME, mature for TV shop, must have excellent driving record. Apply 28915 Joy Rd.
PERSONNEL CONSULTANT
People ability, maturity, and some type of technical background for a professional sales position with excellent earnings potential with Southfield's 15 year old, Michigan's Largest Employment Service. Southfield or Troy locations. Call Bernice Freeman at
353-2090
RECEPTIONIST-SECRETARY - Person to be receptionist for southwest suburban firm's corporate headquarters in brand new building. In addition to answering phones and greeting visitors, you will be typing a variety of duties. Challenging, varied position for bright person. Competitive salary & fringe benefit package. Call Steve Lee at 851-7700
LIFETIME DOORS INC. 30700 Northwestern Farm. Hills
REGIONAL SALES MANAGER - Management of Manufacturers' Representatives, Distributors, OEM accounts, in the eastern half of the United States. Company's products consist of high technology type parts for the industrial markets. Company is a $50 million dollar per year engineered company. Position can lead to Management. Experience or similar sales skill is required. Engineering Degree or MBA in Business helpful. Send resume to Box 463, Observer & Eccentric Newspapers, 36251 Schoolcraft, Livonia, Michigan 48150.
PERSONNEL RECRUITER
$18,000 to $25,000
No personnel experience required for our National agency recruiting an established accounts. On job training. 5 day week, limited travel. Minimum 2 years successful work experience, must be goal oriented to expand, a degree is helpful. Contact Dan Personnel Recruiters, 24360 W. Ten Mile, Southfield.
358-3300
PERSON to loosen spare time in a business of your own. Flexible hours, good income opportunity. Investment required. Reply box 744 Observer & Eccentric Newspapers, 36251 Schoolcraft, Livonia, Michigan 48150
PERSON ROOM sales work. Experience preferred but will train. Salary dependent upon experience. Over 18 years old.
533-0110
PHOTO FINISHER (Professional) is now accepting applications for the customer relations department. Some knowledge of photography desirable but not necessary. $3.75 an hour to start. Apply Tues. thru Thurs. Professional Photo 27433 Schoolcraft, Livonia.
PICK-UP & DELIVERY Fuller Brush Orders. $5 per hour to start. Plans Mon. Evening, 4-6 PM only.
565-1457
PIZZA HUT now accepting applications, full & part time, for cooks, waitresses & waiters for our new location at 5 Mile & Middlebelt. Also Livonia. Also evening daily. Apply in person at Pizza Hut 31700 Plymouth Rd. Westland Shopping Center.
PLANT WORKERS - Full Time. Please call Mr. Long
549-7400
PLUMBERS, plumbers helpers and plumbing apprentices over 18. Call Mrs. Brand.
559-1015
POLICY - to maintain high pay for experienced furniture salespeople. Excellent income and benefits. Apply in person: 1440 Wick Hwy, Dearborn Heights.
364-9300
ROAD DRIVERS must be 5 years old, 3 years interstate experience. Good driving record. Minimum 25 years of age. Apply Transportation 5850 Pelham Rd. Taylor.
291-8800
An Equal Opportunity Employer
O&E
